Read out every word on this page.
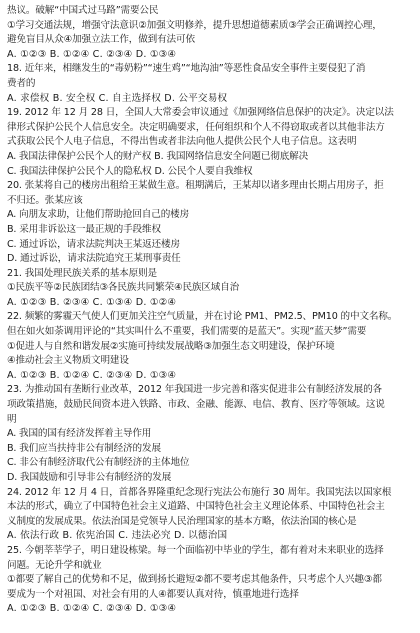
热议。破解“中国式过马路”需要公民
①学习交通法规，增强守法意识②加强文明修养，提升思想道德素质③学会正确调控心理，
避免盲目从众④加强立法工作，做到有法可依
A. ①②③ B. ①②④ C. ②③④ D. ①③④
18. 近年来，相继发生的“毒奶粉”“速生鸡”“地沟油”等恶性食品安全事件主要侵犯了消
费者的
A. 求偿权 B. 安全权 C. 自主选择权 D. 公平交易权
19. 2012 年 12 月 28 日，全国人大常委会审议通过《加强网络信息保护的决定》。决定以法
律形式保护公民个人信息安全。决定明确要求，任何组织和个人不得窃取或者以其他非法方
式获取公民个人电子信息，不得出售或者非法向他人提供公民个人电子信息。这表明
A. 我国法律保护公民个人的财产权 B. 我国网络信息安全问题已彻底解决
C. 我国法律保护公民个人的隐私权 D. 公民个人要自我维权
20. 张某将自己的楼房出租给王某做生意。租期满后，王某却以诸多理由长期占用房子，拒
不归还。张某应该
A. 向朋友求助，让他们帮助抢回自己的楼房
B. 采用非诉讼这一最正规的手段维权
C. 通过诉讼，请求法院判决王某返还楼房
D. 通过诉讼，请求法院追究王某刑事责任
21. 我国处理民族关系的基本原则是
①民族平等②民族团结③各民族共同繁荣④民族区域自治
A. ①②③ B. ②③④ C. ①③④ D. ①②④
22. 频繁的雾霾天气使人们更加关注空气质量，并在讨论 PM1、PM2.5、PM10 的中文名称。
但在如火如荼调用评论的“其实叫什么不重要，我们需要的是蓝天”。实现“蓝天梦”需要
①促进人与自然和谐发展②实施可持续发展战略③加强生态文明建设，保护环境
④推动社会主义物质文明建设
A. ①②③ B. ①②④ C. ②③④ D. ①③④
23. 为推动国有垄断行业改革，2012 年我国进一步完善和落实促进非公有制经济发展的各
项政策措施，鼓励民间资本进入铁路、市政、金融、能源、电信、教育、医疗等领域。这说
明
A. 我国的国有经济发挥着主导作用
B. 我们应当扶持非公有制经济的发展
C. 非公有制经济取代公有制经济的主体地位
D. 我国鼓励和引导非公有制经济的发展
24. 2012 年 12 月 4 日，首都各界隆重纪念现行宪法公布施行 30 周年。我国宪法以国家根
本法的形式，确立了中国特色社会主义道路、中国特色社会主义理论体系、中国特色社会主
义制度的发展成果。依法治国是党领导人民治理国家的基本方略，依法治国的核心是
A. 依法行政 B. 依宪治国 C. 违法必究 D. 以德治国
25. 今朝莘莘学子，明日建设栋梁。每一个面临初中毕业的学生，都有着对未来职业的选择
问题。无论升学和就业
①都要了解自己的优势和不足，做到扬长避短②都不要考虑其他条件，只考虑个人兴趣③都
要成为一个对祖国、对社会有用的人④都要认真对待，慎重地进行选择
A. ①②③ B. ①②④ C. ②③④ D. ①③④
